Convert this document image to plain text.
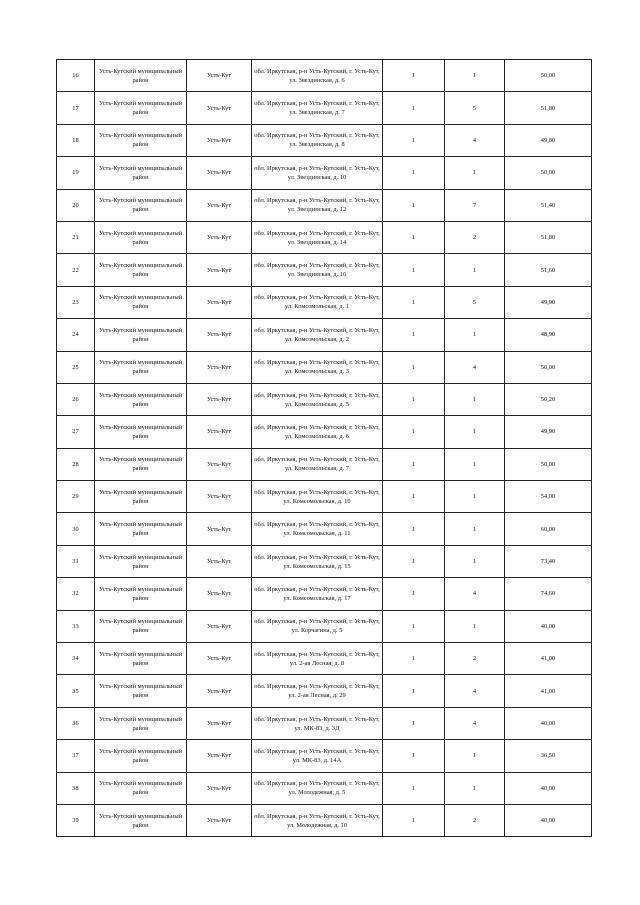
16	Усть-Кутский муниципальный район	Усть-Кут	обл. Иркутская, р-н Усть-Кутский, г. Усть-Кут, ул. Звездинская, д. 6	1	1	50,00
17	Усть-Кутский муниципальный район	Усть-Кут	обл. Иркутская, р-н Усть-Кутский, г. Усть-Кут, ул. Звездинская, д. 7	1	5	51,80
18	Усть-Кутский муниципальный район	Усть-Кут	обл. Иркутская, р-н Усть-Кутский, г. Усть-Кут, ул. Звездинская, д. 8	1	4	49,80
19	Усть-Кутский муниципальный район	Усть-Кут	обл. Иркутская, р-н Усть-Кутский, г. Усть-Кут, ул. Звездинская, д. 10	1	1	50,00
20	Усть-Кутский муниципальный район	Усть-Кут	обл. Иркутская, р-н Усть-Кутский, г. Усть-Кут, ул. Звездинская, д. 12	1	7	51,40
21	Усть-Кутский муниципальный район	Усть-Кут	обл. Иркутская, р-н Усть-Кутский, г. Усть-Кут, ул. Звездинская, д. 14	1	2	51,80
22	Усть-Кутский муниципальный район	Усть-Кут	обл. Иркутская, р-н Усть-Кутский, г. Усть-Кут, ул. Звездинская, д. 16	1	1	51,60
23	Усть-Кутский муниципальный район	Усть-Кут	обл. Иркутская, р-н Усть-Кутский, г. Усть-Кут, ул. Комсомольская, д. 1	1	5	49,90
24	Усть-Кутский муниципальный район	Усть-Кут	обл. Иркутская, р-н Усть-Кутский, г. Усть-Кут, ул. Комсомольская, д. 2	1	1	48,90
25	Усть-Кутский муниципальный район	Усть-Кут	обл. Иркутская, р-н Усть-Кутский, г. Усть-Кут, ул. Комсомольская, д. 3	1	4	50,00
26	Усть-Кутский муниципальный район	Усть-Кут	обл. Иркутская, р-н Усть-Кутский, г. Усть-Кут, ул. Комсомольская, д. 5	1	1	50,20
27	Усть-Кутский муниципальный район	Усть-Кут	обл. Иркутская, р-н Усть-Кутский, г. Усть-Кут, ул. Комсомольская, д. 6	1	1	49,90
28	Усть-Кутский муниципальный район	Усть-Кут	обл. Иркутская, р-н Усть-Кутский, г. Усть-Кут, ул. Комсомольская, д. 7	1	1	50,00
29	Усть-Кутский муниципальный район	Усть-Кут	обл. Иркутская, р-н Усть-Кутский, г. Усть-Кут, ул. Комсомольская, д. 10	1	1	54,00
30	Усть-Кутский муниципальный район	Усть-Кут	обл. Иркутская, р-н Усть-Кутский, г. Усть-Кут, ул. Комсомольская, д. 11	1	1	60,00
31	Усть-Кутский муниципальный район	Усть-Кут	обл. Иркутская, р-н Усть-Кутский, г. Усть-Кут, ул. Комсомольская, д. 15	1	1	73,40
32	Усть-Кутский муниципальный район	Усть-Кут	обл. Иркутская, р-н Усть-Кутский, г. Усть-Кут, ул. Комсомольская, д. 17	1	4	74,60
33	Усть-Кутский муниципальный район	Усть-Кут	обл. Иркутская, р-н Усть-Кутский, г. Усть-Кут, ул. Корчагина, д. 5	1	1	40,00
34	Усть-Кутский муниципальный район	Усть-Кут	обл. Иркутская, р-н Усть-Кутский, г. Усть-Кут, ул. 2-ая Лесная, д. 8	1	2	41,00
35	Усть-Кутский муниципальный район	Усть-Кут	обл. Иркутская, р-н Усть-Кутский, г. Усть-Кут, ул. 2-ая Лесная, д. 29	1	4	41,00
36	Усть-Кутский муниципальный район	Усть-Кут	обл. Иркутская, р-н Усть-Кутский, г. Усть-Кут, ул. МК-83, д. 3Д	1	4	40,00
37	Усть-Кутский муниципальный район	Усть-Кут	обл. Иркутская, р-н Усть-Кутский, г. Усть-Кут, ул. МК-83, д. 14А	1	1	36,50
38	Усть-Кутский муниципальный район	Усть-Кут	обл. Иркутская, р-н Усть-Кутский, г. Усть-Кут, ул. Молодежная, д. 5	1	1	40,00
39	Усть-Кутский муниципальный район	Усть-Кут	обл. Иркутская, р-н Усть-Кутский, г. Усть-Кут, ул. Молодежная, д. 10	1	2	40,00
